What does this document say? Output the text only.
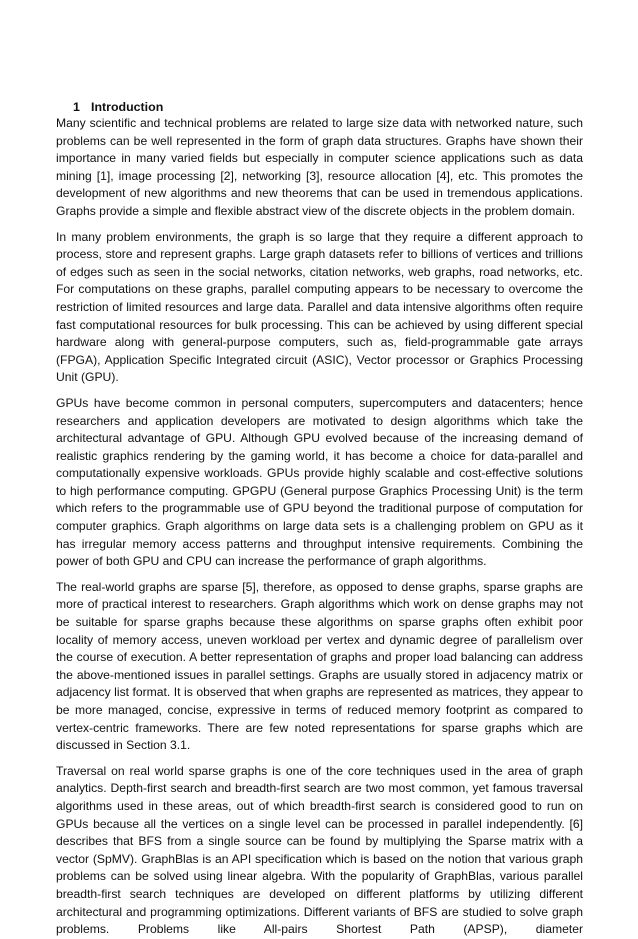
1 Introduction

Many scientific and technical problems are related to large size data with networked nature, such problems can be well represented in the form of graph data structures. Graphs have shown their importance in many varied fields but especially in computer science applications such as data mining [1], image processing [2], networking [3], resource allocation [4], etc. This promotes the development of new algorithms and new theorems that can be used in tremendous applications. Graphs provide a simple and flexible abstract view of the discrete objects in the problem domain.

In many problem environments, the graph is so large that they require a different approach to process, store and represent graphs. Large graph datasets refer to billions of vertices and trillions of edges such as seen in the social networks, citation networks, web graphs, road networks, etc. For computations on these graphs, parallel computing appears to be necessary to overcome the restriction of limited resources and large data. Parallel and data intensive algorithms often require fast computational resources for bulk processing. This can be achieved by using different special hardware along with general-purpose computers, such as, field-programmable gate arrays (FPGA), Application Specific Integrated circuit (ASIC), Vector processor or Graphics Processing Unit (GPU).

GPUs have become common in personal computers, supercomputers and datacenters; hence researchers and application developers are motivated to design algorithms which take the architectural advantage of GPU. Although GPU evolved because of the increasing demand of realistic graphics rendering by the gaming world, it has become a choice for data-parallel and computationally expensive workloads. GPUs provide highly scalable and cost-effective solutions to high performance computing. GPGPU (General purpose Graphics Processing Unit) is the term which refers to the programmable use of GPU beyond the traditional purpose of computation for computer graphics. Graph algorithms on large data sets is a challenging problem on GPU as it has irregular memory access patterns and throughput intensive requirements. Combining the power of both GPU and CPU can increase the performance of graph algorithms.

The real-world graphs are sparse [5], therefore, as opposed to dense graphs, sparse graphs are more of practical interest to researchers. Graph algorithms which work on dense graphs may not be suitable for sparse graphs because these algorithms on sparse graphs often exhibit poor locality of memory access, uneven workload per vertex and dynamic degree of parallelism over the course of execution. A better representation of graphs and proper load balancing can address the above-mentioned issues in parallel settings. Graphs are usually stored in adjacency matrix or adjacency list format. It is observed that when graphs are represented as matrices, they appear to be more managed, concise, expressive in terms of reduced memory footprint as compared to vertex-centric frameworks. There are few noted representations for sparse graphs which are discussed in Section 3.1.

Traversal on real world sparse graphs is one of the core techniques used in the area of graph analytics. Depth-first search and breadth-first search are two most common, yet famous traversal algorithms used in these areas, out of which breadth-first search is considered good to run on GPUs because all the vertices on a single level can be processed in parallel independently. [6] describes that BFS from a single source can be found by multiplying the Sparse matrix with a vector (SpMV). GraphBlas is an API specification which is based on the notion that various graph problems can be solved using linear algebra. With the popularity of GraphBlas, various parallel breadth-first search techniques are developed on different platforms by utilizing different architectural and programming optimizations. Different variants of BFS are studied to solve graph problems. Problems like All-pairs Shortest Path (APSP), diameter
